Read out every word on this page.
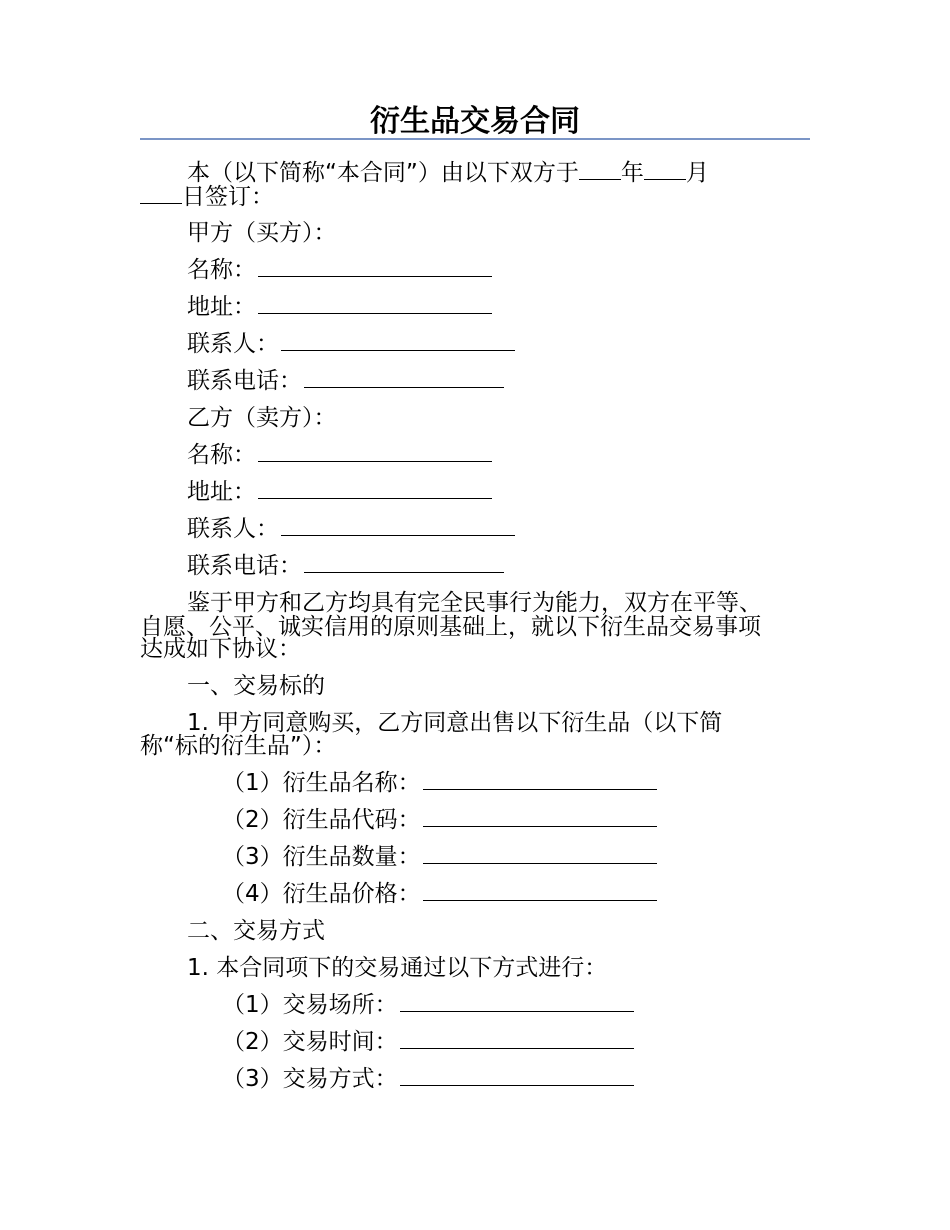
衍生品交易合同
本（以下简称“本合同”）由以下双方于 年 月
日签订：
甲方（买方）：
名称：
地址：
联系人：
联系电话：
乙方（卖方）：
名称：
地址：
联系人：
联系电话：
鉴于甲方和乙方均具有完全民事行为能力，双方在平等、
自愿、公平、诚实信用的原则基础上，就以下衍生品交易事项
达成如下协议：
一、交易标的
1. 甲方同意购买，乙方同意出售以下衍生品（以下简
称“标的衍生品”）：
（1）衍生品名称：
（2）衍生品代码：
（3）衍生品数量：
（4）衍生品价格：
二、交易方式
1. 本合同项下的交易通过以下方式进行：
（1）交易场所：
（2）交易时间：
（3）交易方式：
